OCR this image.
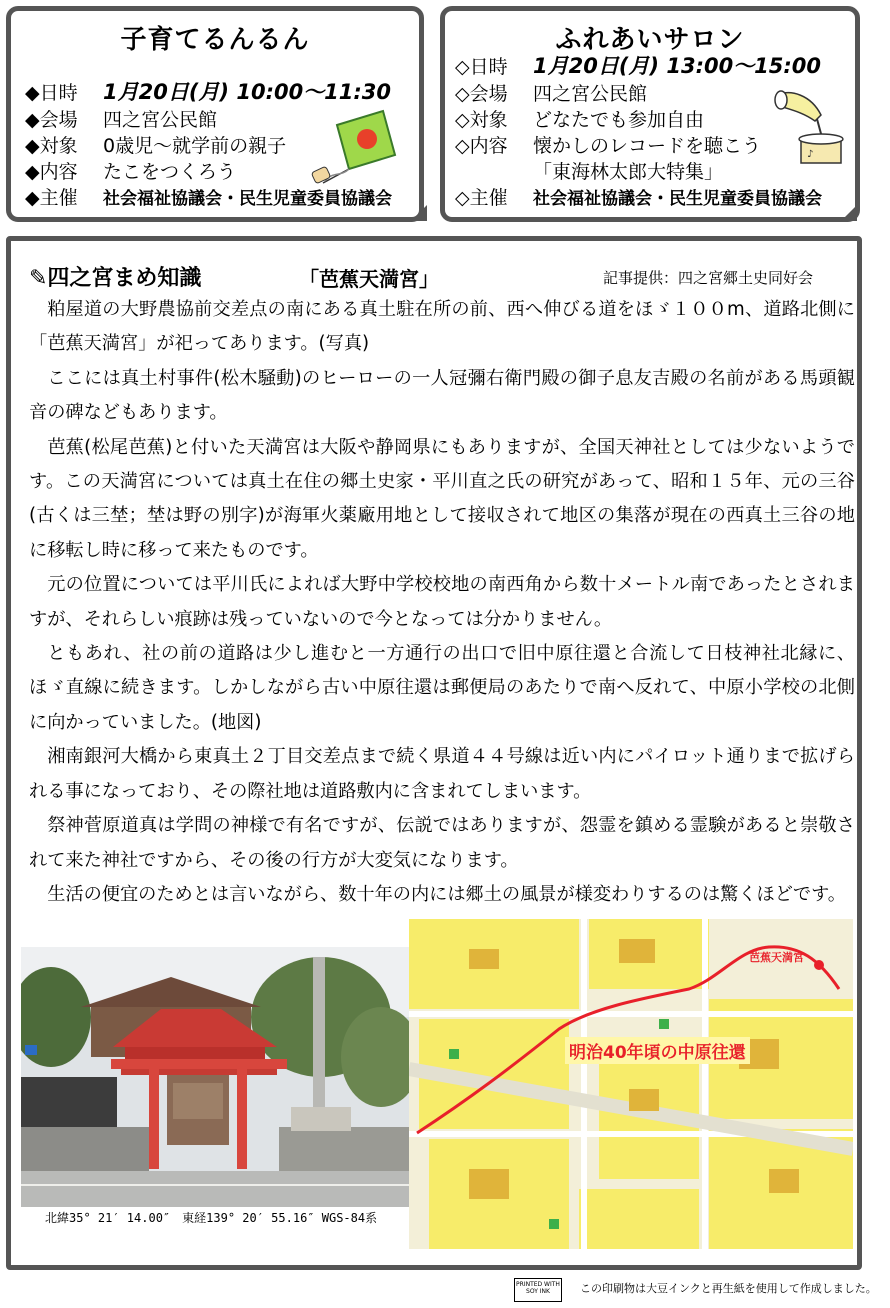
子育てるんるん
◆日時 1月20日(月) 10:00〜11:30
◆会場 四之宮公民館
◆対象 0歳児〜就学前の親子
◆内容 たこをつくろう
◆主催 社会福祉協議会・民生児童委員協議会
ふれあいサロン
◇日時 1月20日(月) 13:00〜15:00
◇会場 四之宮公民館
◇対象 どなたでも参加自由
◇内容 懐かしのレコードを聴こう
「東海林太郎大特集」
◇主催 社会福祉協議会・民生児童委員協議会
♪
✎四之宮まめ知識	「芭蕉天満宮」	記事提供：四之宮郷土史同好会

粕屋道の大野農協前交差点の南にある真土駐在所の前、西へ伸びる道をほゞ１００m、道路北側に「芭蕉天満宮」が祀ってあります。(写真)

ここには真土村事件(松木騒動)のヒーローの一人冠彌右衛門殿の御子息友吉殿の名前がある馬頭観音の碑などもあります。

芭蕉(松尾芭蕉)と付いた天満宮は大阪や静岡県にもありますが、全国天神社としては少ないようです。この天満宮については真土在住の郷土史家・平川直之氏の研究があって、昭和１５年、元の三谷(古くは三埜；埜は野の別字)が海軍火薬廠用地として接収されて地区の集落が現在の西真土三谷の地に移転し時に移って来たものです。

元の位置については平川氏によれば大野中学校校地の南西角から数十メートル南であったとされますが、それらしい痕跡は残っていないので今となっては分かりません。

ともあれ、社の前の道路は少し進むと一方通行の出口で旧中原往還と合流して日枝神社北縁に、ほゞ直線に続きます。しかしながら古い中原往還は郵便局のあたりで南へ反れて、中原小学校の北側に向かっていました。(地図)

湘南銀河大橋から東真土２丁目交差点まで続く県道４４号線は近い内にパイロット通りまで拡げられる事になっており、その際社地は道路敷内に含まれてしまいます。

祭神菅原道真は学問の神様で有名ですが、伝説ではありますが、怨霊を鎮める霊験があると崇敬されて来た神社ですから、その後の行方が大変気になります。

生活の便宜のためとは言いながら、数十年の内には郷土の風景が様変わりするのは驚くほどです。

北緯35° 21′ 14.00″　東経139° 20′ 55.16″ WGS-84系
明治40年頃の中原往還
芭蕉天満宮
PRINTED WITH SOY INK	この印刷物は大豆インクと再生紙を使用して作成しました。
